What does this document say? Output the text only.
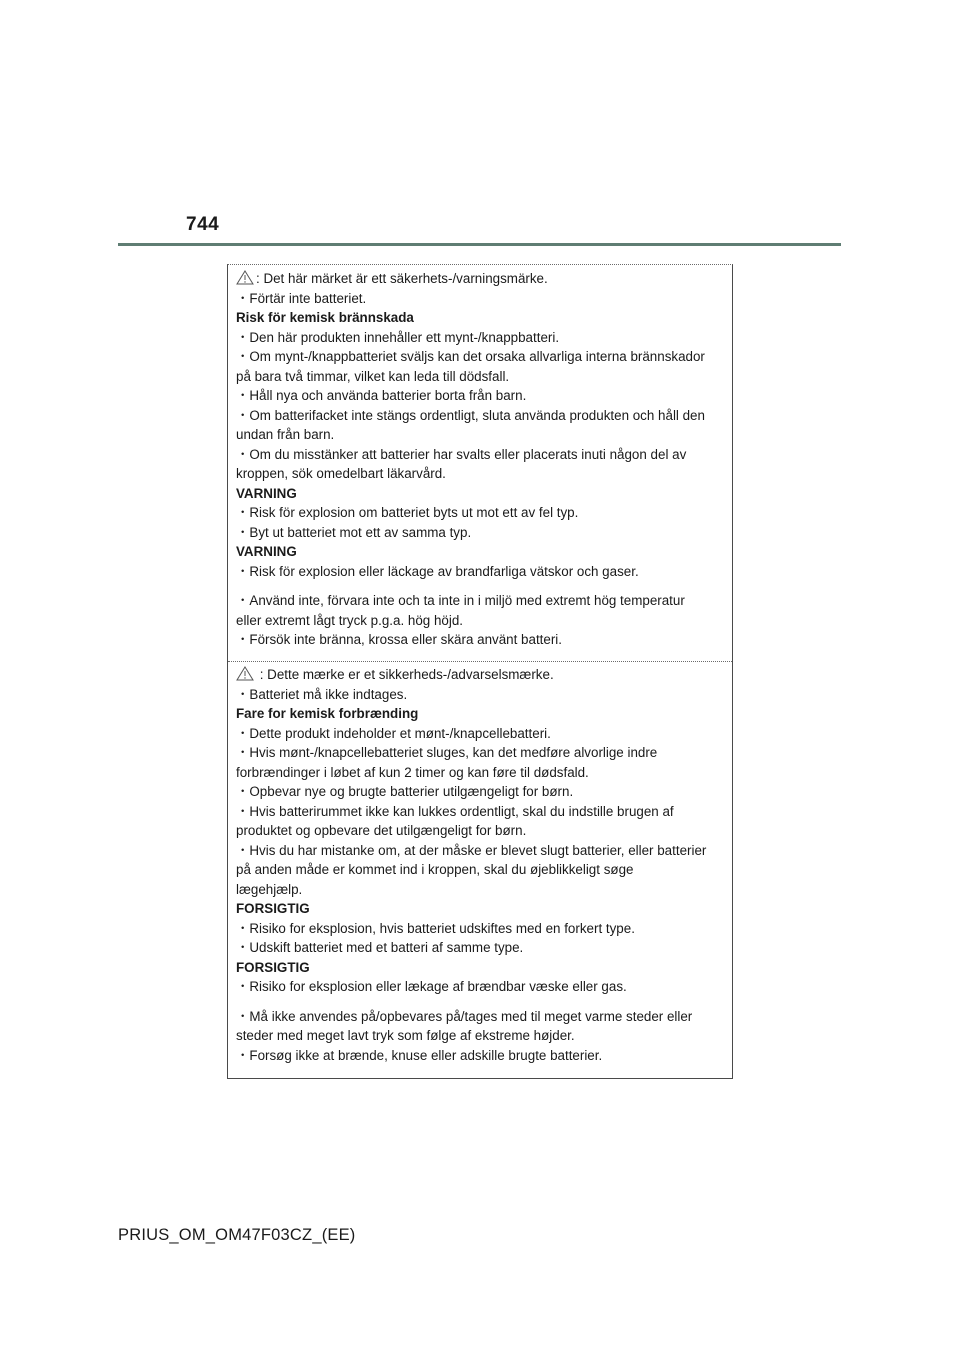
744

: Det här märket är ett säkerhets-/varningsmärke.

・Förtär inte batteriet.

Risk för kemisk brännskada

・Den här produkten innehåller ett mynt-/knappbatteri.

・Om mynt-/knappbatteriet sväljs kan det orsaka allvarliga interna brännskador

på bara två timmar, vilket kan leda till dödsfall.

・Håll nya och använda batterier borta från barn.

・Om batterifacket inte stängs ordentligt, sluta använda produkten och håll den

undan från barn.

・Om du misstänker att batterier har svalts eller placerats inuti någon del av

kroppen, sök omedelbart läkarvård.

VARNING

・Risk för explosion om batteriet byts ut mot ett av fel typ.

・Byt ut batteriet mot ett av samma typ.

VARNING

・Risk för explosion eller läckage av brandfarliga vätskor och gaser.

・Använd inte, förvara inte och ta inte in i miljö med extremt hög temperatur

eller extremt lågt tryck p.g.a. hög höjd.

・Försök inte bränna, krossa eller skära använt batteri.

: Dette mærke er et sikkerheds-/advarselsmærke.

・Batteriet må ikke indtages.

Fare for kemisk forbrænding

・Dette produkt indeholder et mønt-/knapcellebatteri.

・Hvis mønt-/knapcellebatteriet sluges, kan det medføre alvorlige indre

forbrændinger i løbet af kun 2 timer og kan føre til dødsfald.

・Opbevar nye og brugte batterier utilgængeligt for børn.

・Hvis batterirummet ikke kan lukkes ordentligt, skal du indstille brugen af

produktet og opbevare det utilgængeligt for børn.

・Hvis du har mistanke om, at der måske er blevet slugt batterier, eller batterier

på anden måde er kommet ind i kroppen, skal du øjeblikkeligt søge

lægehjælp.

FORSIGTIG

・Risiko for eksplosion, hvis batteriet udskiftes med en forkert type.

・Udskift batteriet med et batteri af samme type.

FORSIGTIG

・Risiko for eksplosion eller lækage af brændbar væske eller gas.

・Må ikke anvendes på/opbevares på/tages med til meget varme steder eller

steder med meget lavt tryk som følge af ekstreme højder.

・Forsøg ikke at brænde, knuse eller adskille brugte batterier.

PRIUS_OM_OM47F03CZ_(EE)
